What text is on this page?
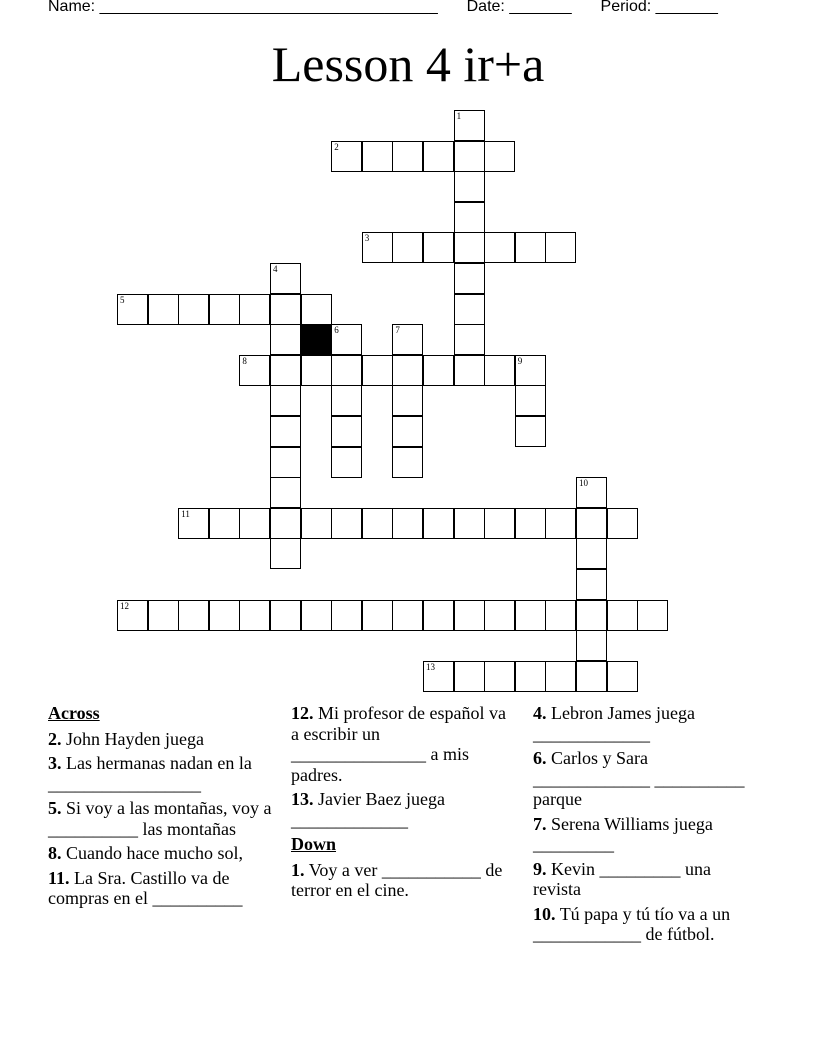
Name: ______________________________________ Date: _______ Period: _______
Lesson 4 ir+a
1
2
3
4
5
6	7
8	9
10
11
12
13
Across
2. John Hayden juega
3. Las hermanas nadan en la _________________
5. Si voy a las montañas, voy a __________ las montañas
8. Cuando hace mucho sol,
11. La Sra. Castillo va de compras en el __________
12. Mi profesor de español va a escribir un _______________ a mis padres.
13. Javier Baez juega _____________
Down
1. Voy a ver ___________ de terror en el cine.
4. Lebron James juega _____________
6. Carlos y Sara _____________ __________ parque
7. Serena Williams juega _________
9. Kevin _________ una revista
10. Tú papa y tú tío va a un ____________ de fútbol.
